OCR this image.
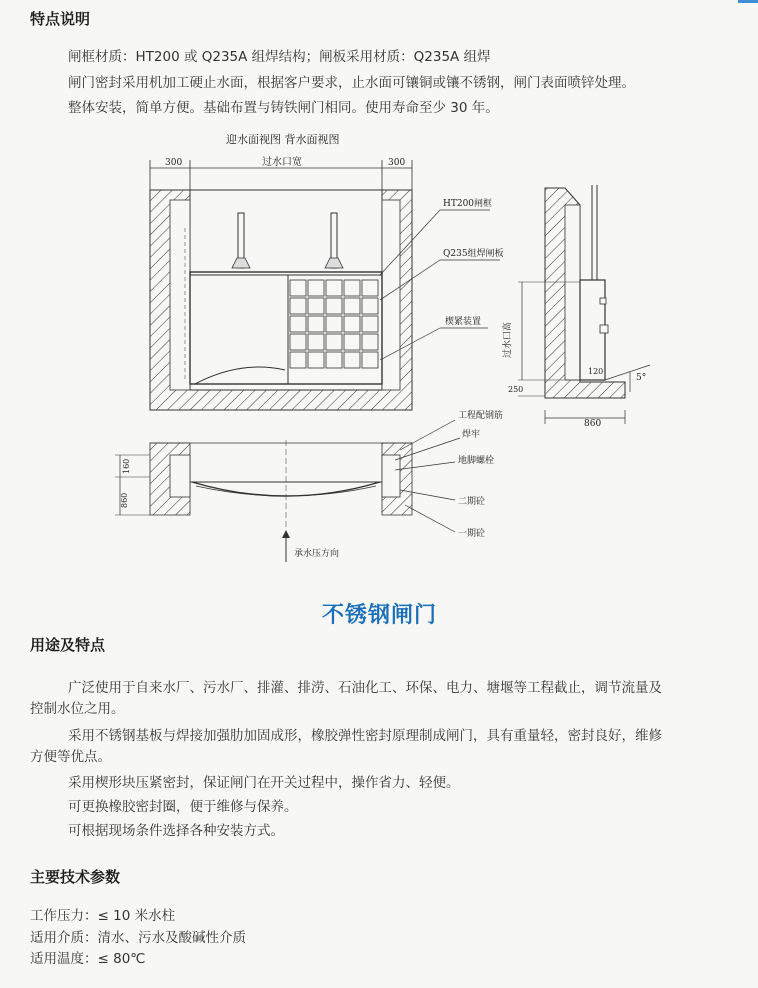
特点说明
闸框材质：HT200 或 Q235A 组焊结构；闸板采用材质：Q235A 组焊
闸门密封采用机加工硬止水面，根据客户要求，止水面可镶铜或镶不锈钢，闸门表面喷锌处理。
整体安装，简单方便。基础布置与铸铁闸门相同。使用寿命至少 30 年。
迎水面视图 背水面视图
300	过水口宽	300
HT200闸框
Q235组焊闸板
楔紧装置 过水口高
250
120
860
5°
160
860
工程配钢筋
焊牢
地脚螺栓
二期砼
一期砼
承水压方向
不锈钢闸门
用途及特点
广泛使用于自来水厂、污水厂、排灌、排涝、石油化工、环保、电力、塘堰等工程截止，调节流量及
控制水位之用。
采用不锈钢基板与焊接加强肋加固成形，橡胶弹性密封原理制成闸门，具有重量轻，密封良好，维修
方便等优点。
采用楔形块压紧密封，保证闸门在开关过程中，操作省力、轻便。
可更换橡胶密封圈，便于维修与保养。
可根据现场条件选择各种安装方式。
主要技术参数
工作压力：≤ 10 米水柱
适用介质：清水、污水及酸碱性介质
适用温度：≤ 80℃
